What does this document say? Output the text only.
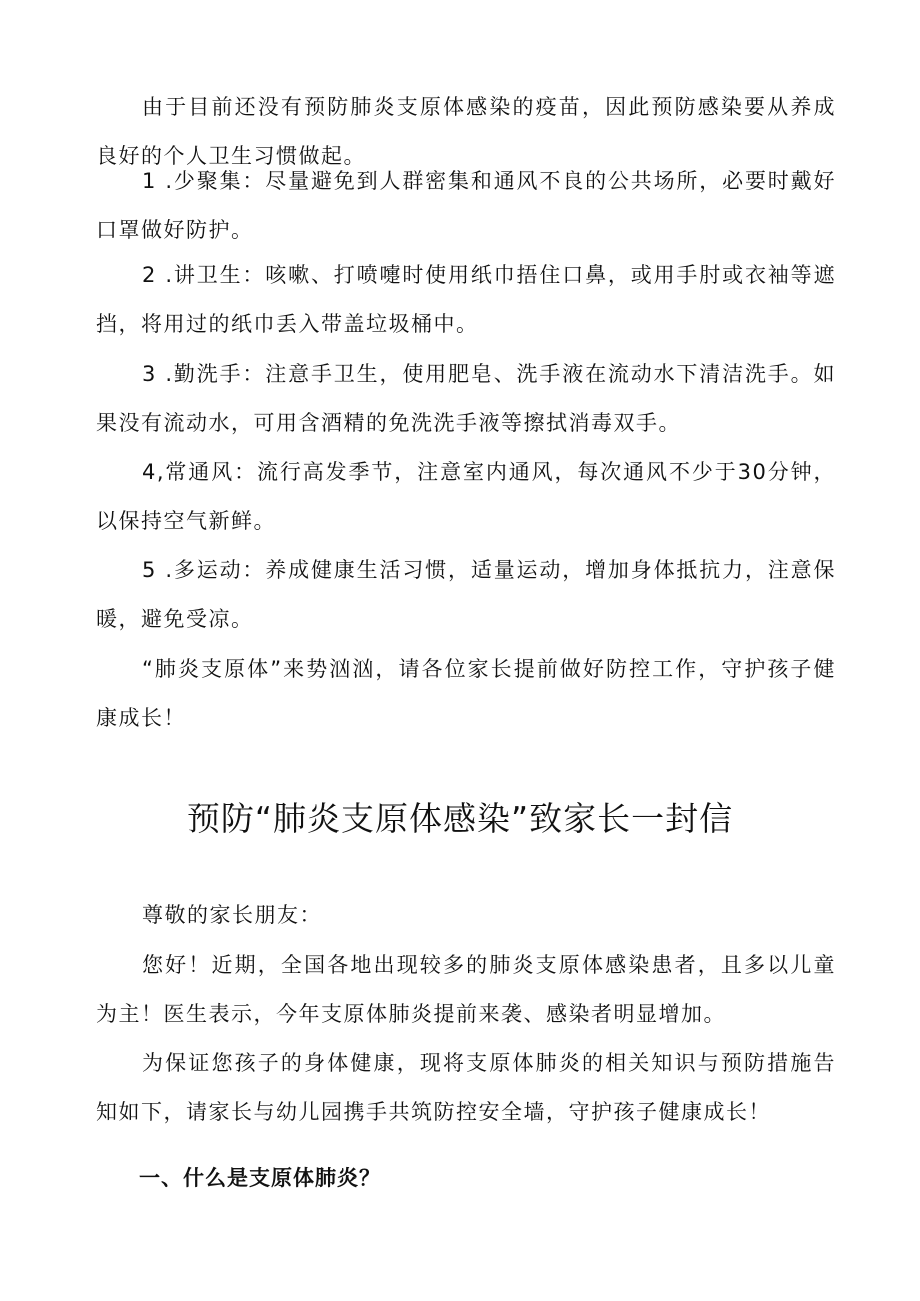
由于目前还没有预防肺炎支原体感染的疫苗，因此预防感染要从养成良好的个人卫生习惯做起。

1 .少聚集：尽量避免到人群密集和通风不良的公共场所，必要时戴好口罩做好防护。

2 .讲卫生：咳嗽、打喷嚏时使用纸巾捂住口鼻，或用手肘或衣袖等遮挡，将用过的纸巾丢入带盖垃圾桶中。

3 .勤洗手：注意手卫生，使用肥皂、洗手液在流动水下清洁洗手。如果没有流动水，可用含酒精的免洗洗手液等擦拭消毒双手。

4,常通风：流行高发季节，注意室内通风，每次通风不少于30分钟，以保持空气新鲜。

5 .多运动：养成健康生活习惯，适量运动，增加身体抵抗力，注意保暖，避免受凉。

“肺炎支原体”来势汹汹，请各位家长提前做好防控工作，守护孩子健康成长！

预防“肺炎支原体感染”致家长一封信

尊敬的家长朋友：

您好！近期，全国各地出现较多的肺炎支原体感染患者，且多以儿童为主！医生表示，今年支原体肺炎提前来袭、感染者明显增加。

为保证您孩子的身体健康，现将支原体肺炎的相关知识与预防措施告知如下，请家长与幼儿园携手共筑防控安全墙，守护孩子健康成长！

一、什么是支原体肺炎？
